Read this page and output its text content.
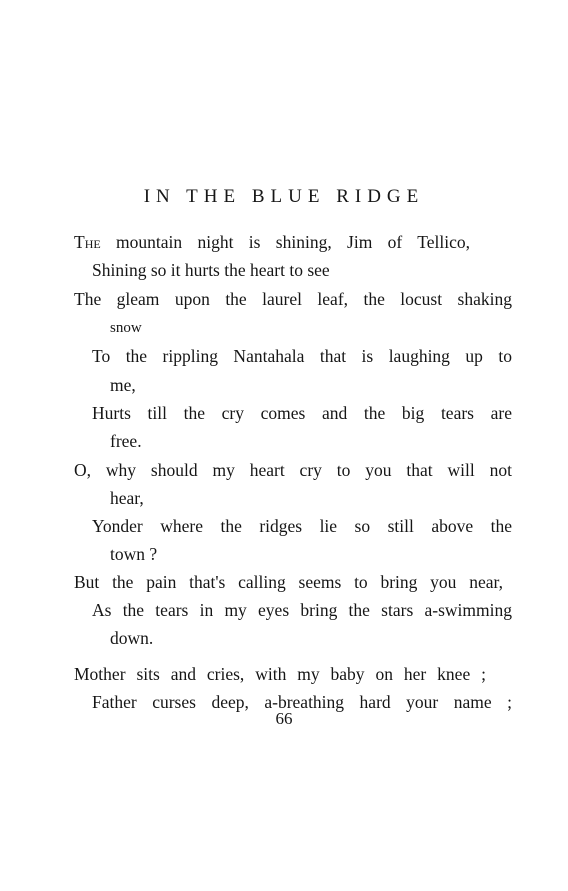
IN THE BLUE RIDGE
The mountain night is shining, Jim of Tellico,
Shining so it hurts the heart to see
The gleam upon the laurel leaf, the locust shaking
snow
To the rippling Nantahala that is laughing up to
me,
Hurts till the cry comes and the big tears are
free.
O, why should my heart cry to you that will not
hear,
Yonder where the ridges lie so still above the
town ?
But the pain that's calling seems to bring you near,
As the tears in my eyes bring the stars a-swimming
down.
Mother sits and cries, with my baby on her knee ;
Father curses deep, a-breathing hard your name ;
66
